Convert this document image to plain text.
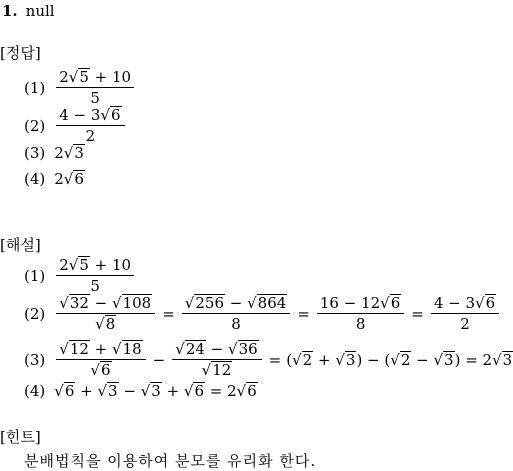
1. null
[정답]
$(1) \frac{2√5 + 10}{5}$
$(2) \frac{4 - 3√6}{2}$
(3) 2√3
(4) 2√6
[해설]
$(1) \frac{2√5 + 10}{5}$
$(2) \frac{√32 - √108}{√8} = \frac{√256 - √864}{8} = \frac{16 - 12√6}{8} = \frac{4 - 3√6}{2}$
$(3) \frac{√12 + √18}{√6} - \frac{√24 - √36}{√12} = (√2 + √3) - (√2 - √3) = 2√3$
(4) √6 + √3 − √3 + √6 = 2√6
[힌트]
분배법칙을 이용하여 분모를 유리화 한다.
